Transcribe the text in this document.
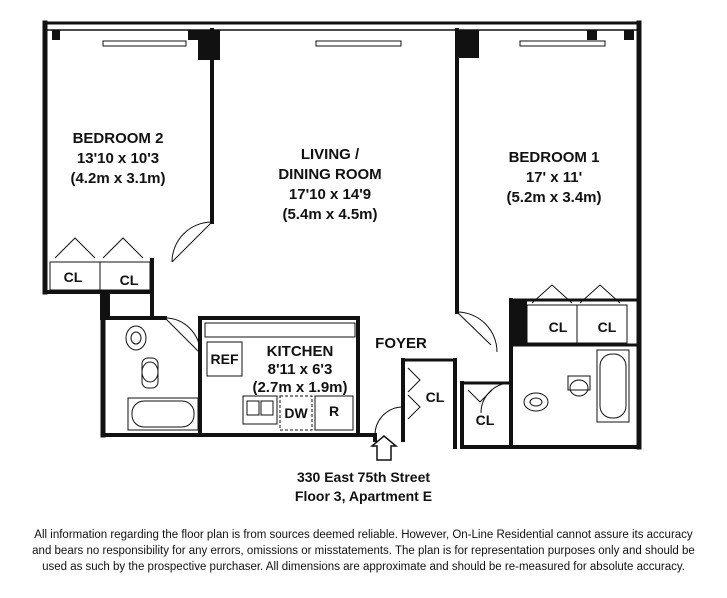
BEDROOM 2
13'10 x 10'3
(4.2m x 3.1m)
LIVING /
DINING ROOM
17'10 x 14'9
(5.4m x 4.5m)
BEDROOM 1
17' x 11'
(5.2m x 3.4m)
KITCHEN
8'11 x 6'3
(2.7m x 1.9m)
FOYER
CL	CL
CL	CL
CL
CL
REF
DW	R
330 East 75th Street
Floor 3, Apartment E
All information regarding the floor plan is from sources deemed reliable. However, On-Line Residential cannot assure its accuracy
and bears no responsibility for any errors, omissions or misstatements. The plan is for representation purposes only and should be
used as such by the prospective purchaser. All dimensions are approximate and should be re-measured for absolute accuracy.
